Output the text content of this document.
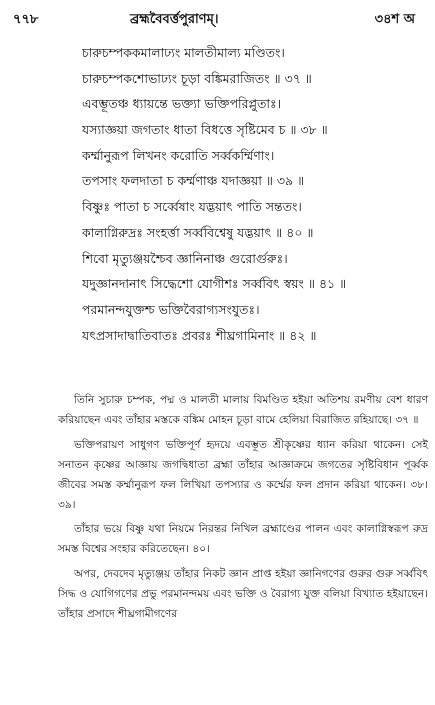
৭৭৮	ব্রহ্মবৈবর্ত্তপুরাণম্‌।	৩৪শ অ
চারুচম্পককমালাঢ্যং মালতীমাল্য মণ্ডিতং।
চারুচম্পকশোভাঢ্যং চূড়া বঙ্কিমরাজিতং ॥ ৩৭ ॥
এবম্ভূতঞ্চ ধ্যায়ন্তে ভক্ত্যা ভক্তিপরিপ্লুতাঃ।
যস্যাজ্ঞয়া জগতাং ধাতা বিধত্তে সৃষ্টিমেব চ ॥ ৩৮ ॥
কর্ম্মানুরূপ লিখনং করোতি সর্ব্বকর্ম্মিণাং।
তপসাং ফলদাতা চ কর্ম্মণাঞ্চ যদাজ্ঞয়া ॥ ৩৯ ॥
বিষ্ণুঃ পাতা চ সর্ব্বেষাং যদ্ভয়াৎ পাতি সন্ততং।
কালাগ্নিরুদ্রঃ সংহর্ত্তা সর্ব্ববিশ্বেষু যদ্ভয়াৎ ॥ ৪০ ॥
শিবো মৃত্যুঞ্জয়শ্চৈব জ্ঞানিনাঞ্চ গুরোর্গুরুঃ।
যদুজ্ঞানদানাৎ সিদ্ধেশো যোগীশঃ সর্ব্ববিৎ স্বয়ং ॥ ৪১ ॥
পরমানন্দযুক্তশ্চ ভক্তিবৈরাগ্যসংযুতঃ।
যৎপ্রসাদাদ্বাতিবাতঃ প্রবরঃ শীঘ্রগামিনাং ॥ ৪২ ॥

তিনি সুচারু চম্পক, পদ্ম ও মালতী মালায় বিমণ্ডিত হইয়া অতিশয় রমণীয় বেশ ধারণ করিয়াছেন এবং তাঁহার মস্তকে বঙ্কিম মোহন চূড়া বামে হেলিয়া বিরাজিত রহিয়াছে। ৩৭ ॥

ভক্তিপরায়ণ সাধুগণ ভক্তিপূর্ণ হৃদয়ে এবম্ভূত শ্রীকৃষ্ণের ধ্যান করিয়া থাকেন। সেই সনাতন কৃষ্ণের আজ্ঞায় জগদ্বিধাতা ব্রহ্মা তাঁহার আজ্ঞাক্রমে জগতের সৃষ্টিবিধান পূর্ব্বক জীবের সমস্ত কর্ম্মানুরূপ ফল লিখিয়া তপস্যার ও কর্ম্মের ফল প্রদান করিয়া থাকেন। ৩৮। ৩৯।

তাঁহার ভয়ে বিষ্ণু যথা নিয়মে নিরন্তর নিখিল ব্রহ্মাণ্ডের পালন এবং কালাগ্নিস্বরূপ রুদ্র সমস্ত বিশ্বের সংহার করিতেছেন। ৪০।

অপর, দেবদেব মৃত্যুঞ্জয় তাঁহার নিকট জ্ঞান প্রাপ্ত হইয়া জ্ঞানিগণের গুরুর গুরু সর্ব্ববিৎ সিদ্ধ ও যোগিগণের প্রভু পরমানন্দময় এবং ভক্তি ও বৈরাগ্য যুক্ত বলিয়া বিখ্যাত হইয়াছেন। তাঁহার প্রসাদে শীঘ্রগামীগণের
